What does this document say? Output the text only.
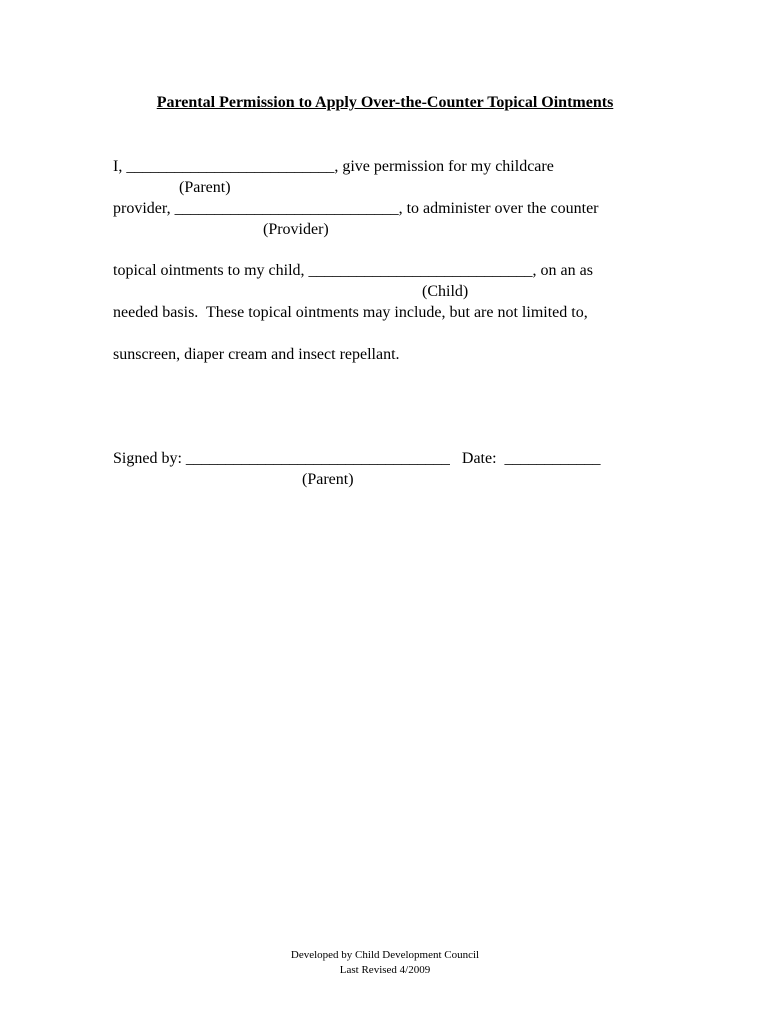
Parental Permission to Apply Over-the-Counter Topical Ointments
I, __________________________, give permission for my childcare
(Parent)
provider, ____________________________, to administer over the counter
(Provider)
topical ointments to my child, ____________________________, on an as
(Child)
needed basis.  These topical ointments may include, but are not limited to,
sunscreen, diaper cream and insect repellant.
Signed by: _________________________________   Date:  ____________
(Parent)
Developed by Child Development Council
Last Revised 4/2009
